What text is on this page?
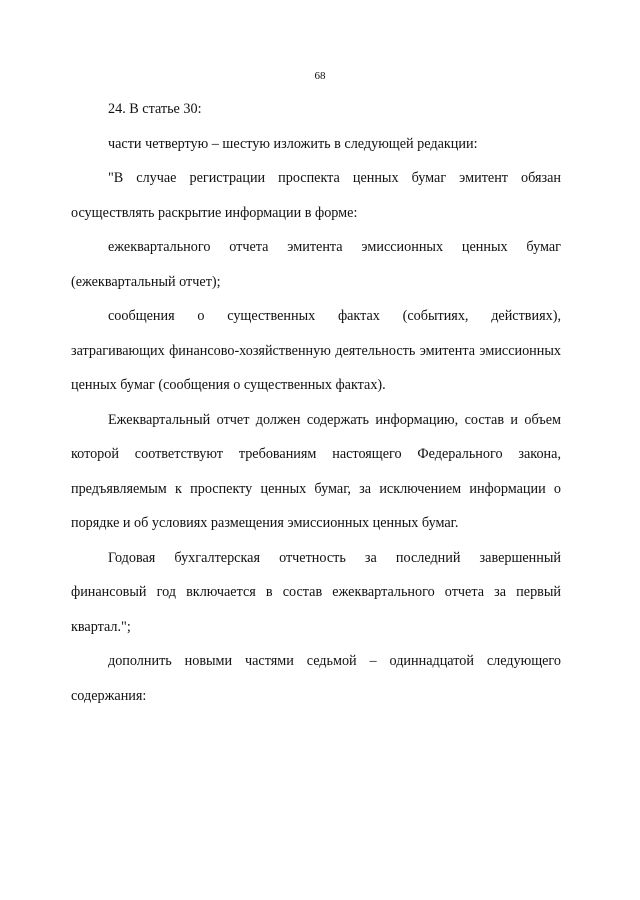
68

24. В статье 30:

части четвертую – шестую изложить в следующей редакции:

"В случае регистрации проспекта ценных бумаг эмитент обязан осуществлять раскрытие информации в форме:

ежеквартального отчета эмитента эмиссионных ценных бумаг (ежеквартальный отчет);

сообщения о существенных фактах (событиях, действиях), затрагивающих финансово-хозяйственную деятельность эмитента эмиссионных ценных бумаг (сообщения о существенных фактах).

Ежеквартальный отчет должен содержать информацию, состав и объем которой соответствуют требованиям настоящего Федерального закона, предъявляемым к проспекту ценных бумаг, за исключением информации о порядке и об условиях размещения эмиссионных ценных бумаг.

Годовая бухгалтерская отчетность за последний завершенный финансовый год включается в состав ежеквартального отчета за первый квартал.";

дополнить новыми частями седьмой – одиннадцатой следующего содержания:
